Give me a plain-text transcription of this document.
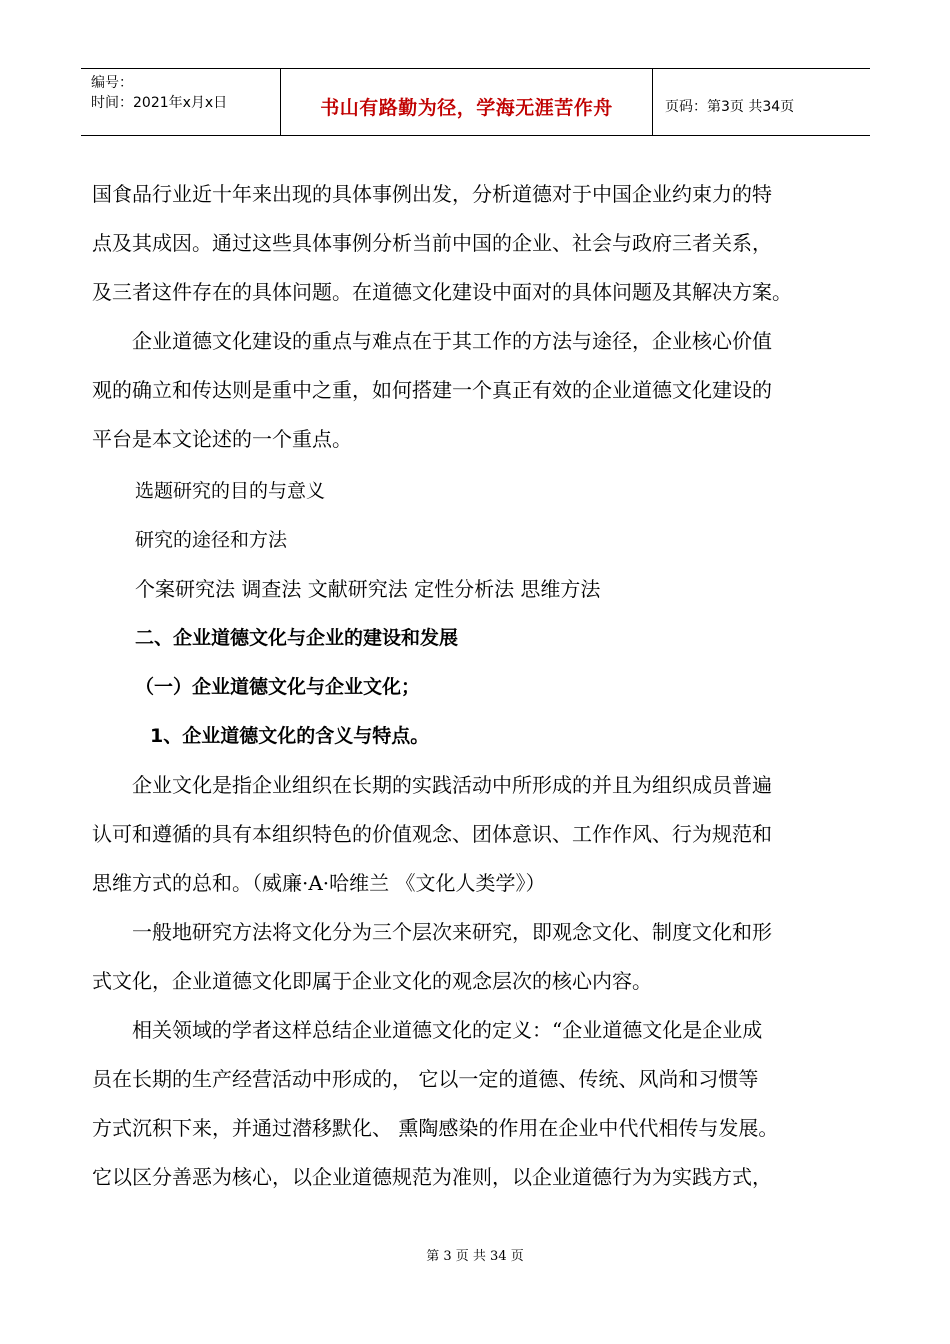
编号：
时间：2021年x月x日	书山有路勤为径，学海无涯苦作舟	页码：第3页 共34页
国食品行业近十年来出现的具体事例出发，分析道德对于中国企业约束力的特
点及其成因。通过这些具体事例分析当前中国的企业、社会与政府三者关系，
及三者这件存在的具体问题。在道德文化建设中面对的具体问题及其解决方案。
企业道德文化建设的重点与难点在于其工作的方法与途径，企业核心价值
观的确立和传达则是重中之重，如何搭建一个真正有效的企业道德文化建设的
平台是本文论述的一个重点。
选题研究的目的与意义
研究的途径和方法
个案研究法 调查法 文献研究法 定性分析法 思维方法
二、企业道德文化与企业的建设和发展
（一）企业道德文化与企业文化；
1、企业道德文化的含义与特点。
企业文化是指企业组织在长期的实践活动中所形成的并且为组织成员普遍
认可和遵循的具有本组织特色的价值观念、团体意识、工作作风、行为规范和
思维方式的总和。（威廉·A·哈维兰 《文化人类学》）
一般地研究方法将文化分为三个层次来研究，即观念文化、制度文化和形
式文化，企业道德文化即属于企业文化的观念层次的核心内容。
相关领域的学者这样总结企业道德文化的定义：“企业道德文化是企业成
员在长期的生产经营活动中形成的， 它以一定的道德、传统、风尚和习惯等
方式沉积下来，并通过潜移默化、 熏陶感染的作用在企业中代代相传与发展。
它以区分善恶为核心，以企业道德规范为准则，以企业道德行为为实践方式，
第 3 页 共 34 页
